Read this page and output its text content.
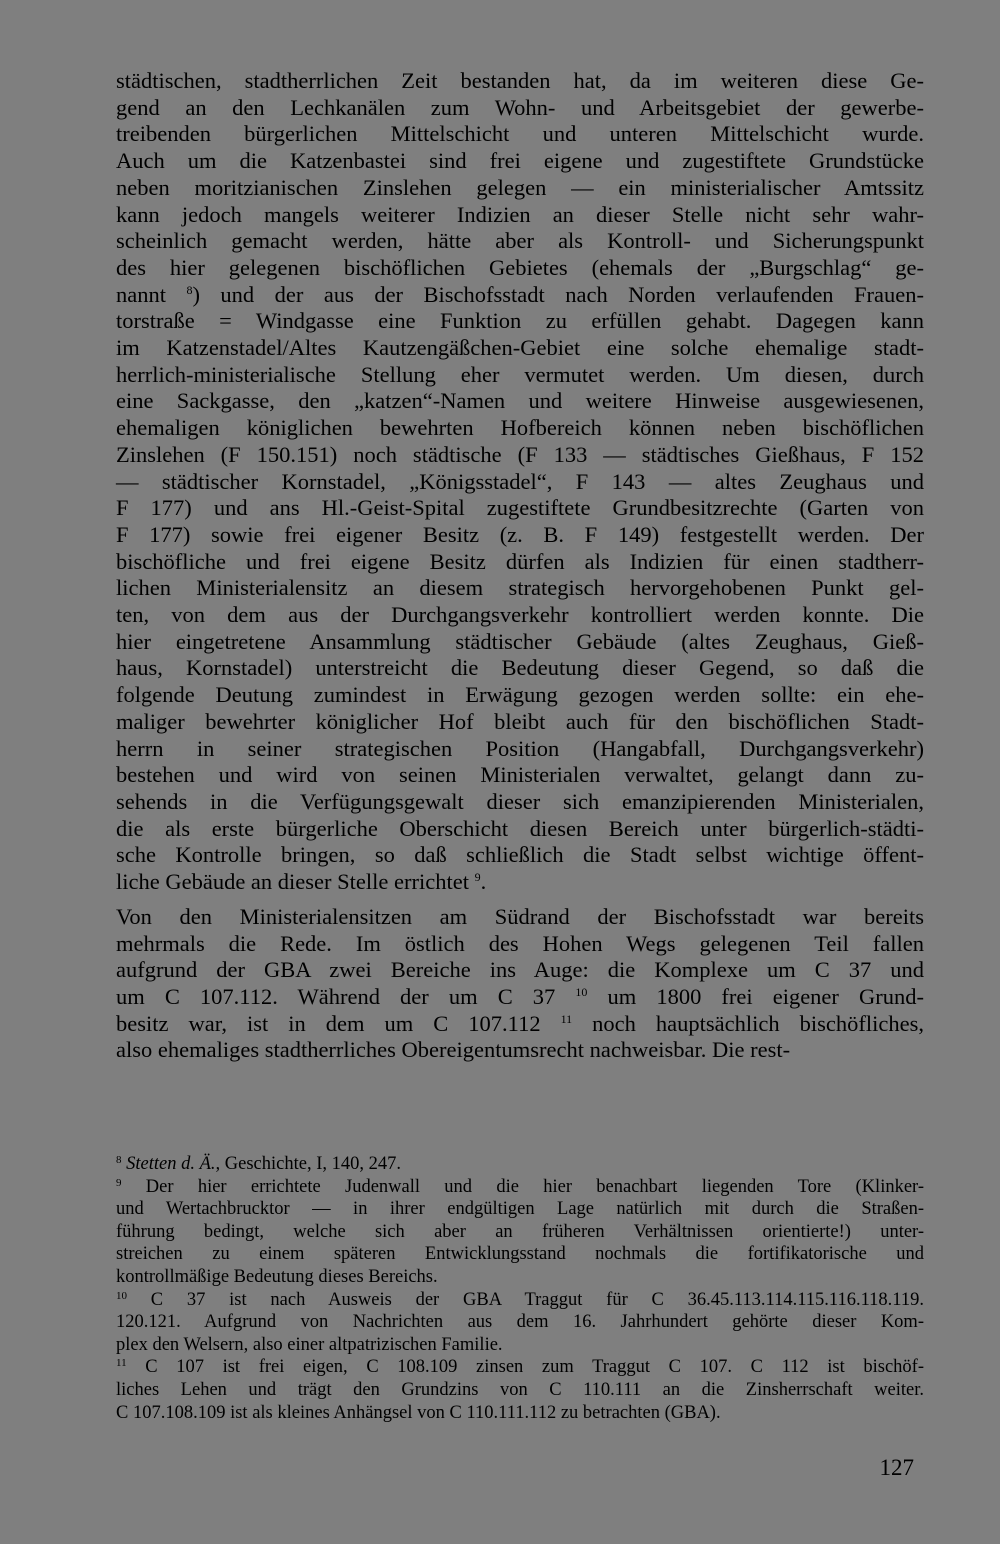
städtischen, stadtherrlichen Zeit bestanden hat, da im weiteren diese Ge-
gend an den Lechkanälen zum Wohn- und Arbeitsgebiet der gewerbe-
treibenden bürgerlichen Mittelschicht und unteren Mittelschicht wurde.
Auch um die Katzenbastei sind frei eigene und zugestiftete Grundstücke
neben moritzianischen Zinslehen gelegen — ein ministerialischer Amtssitz
kann jedoch mangels weiterer Indizien an dieser Stelle nicht sehr wahr-
scheinlich gemacht werden, hätte aber als Kontroll- und Sicherungspunkt
des hier gelegenen bischöflichen Gebietes (ehemals der „Burgschlag“ ge-
nannt $^8$) und der aus der Bischofsstadt nach Norden verlaufenden Frauen-
torstraße = Windgasse eine Funktion zu erfüllen gehabt. Dagegen kann
im Katzenstadel/Altes Kautzengäßchen-Gebiet eine solche ehemalige stadt-
herrlich-ministerialische Stellung eher vermutet werden. Um diesen, durch
eine Sackgasse, den „katzen“-Namen und weitere Hinweise ausgewiesenen,
ehemaligen königlichen bewehrten Hofbereich können neben bischöflichen
Zinslehen (F 150.151) noch städtische (F 133 — städtisches Gießhaus, F 152
— städtischer Kornstadel, „Königsstadel“, F 143 — altes Zeughaus und
F 177) und ans Hl.-Geist-Spital zugestiftete Grundbesitzrechte (Garten von
F 177) sowie frei eigener Besitz (z. B. F 149) festgestellt werden. Der
bischöfliche und frei eigene Besitz dürfen als Indizien für einen stadtherr-
lichen Ministerialensitz an diesem strategisch hervorgehobenen Punkt gel-
ten, von dem aus der Durchgangsverkehr kontrolliert werden konnte. Die
hier eingetretene Ansammlung städtischer Gebäude (altes Zeughaus, Gieß-
haus, Kornstadel) unterstreicht die Bedeutung dieser Gegend, so daß die
folgende Deutung zumindest in Erwägung gezogen werden sollte: ein ehe-
maliger bewehrter königlicher Hof bleibt auch für den bischöflichen Stadt-
herrn in seiner strategischen Position (Hangabfall, Durchgangsverkehr)
bestehen und wird von seinen Ministerialen verwaltet, gelangt dann zu-
sehends in die Verfügungsgewalt dieser sich emanzipierenden Ministerialen,
die als erste bürgerliche Oberschicht diesen Bereich unter bürgerlich-städti-
sche Kontrolle bringen, so daß schließlich die Stadt selbst wichtige öffent-
liche Gebäude an dieser Stelle errichtet $^9$.

Von den Ministerialensitzen am Südrand der Bischofsstadt war bereits
mehrmals die Rede. Im östlich des Hohen Wegs gelegenen Teil fallen
aufgrund der GBA zwei Bereiche ins Auge: die Komplexe um C 37 und
um C 107.112. Während der um C 37 $^{10}$ um 1800 frei eigener Grund-
besitz war, ist in dem um C 107.112 $^{11}$ noch hauptsächlich bischöfliches,
also ehemaliges stadtherrliches Obereigentumsrecht nachweisbar. Die rest-

$^8$ Stetten d. Ä., Geschichte, I, 140, 247.

$^9$ Der hier errichtete Judenwall und die hier benachbart liegenden Tore (Klinker-
und Wertachbrucktor — in ihrer endgültigen Lage natürlich mit durch die Straßen-
führung bedingt, welche sich aber an früheren Verhältnissen orientierte!) unter-
streichen zu einem späteren Entwicklungsstand nochmals die fortifikatorische und
kontrollmäßige Bedeutung dieses Bereichs.

$^{10}$ C 37 ist nach Ausweis der GBA Traggut für C 36.45.113.114.115.116.118.119.
120.121. Aufgrund von Nachrichten aus dem 16. Jahrhundert gehörte dieser Kom-
plex den Welsern, also einer altpatrizischen Familie.

$^{11}$ C 107 ist frei eigen, C 108.109 zinsen zum Traggut C 107. C 112 ist bischöf-
liches Lehen und trägt den Grundzins von C 110.111 an die Zinsherrschaft weiter.
C 107.108.109 ist als kleines Anhängsel von C 110.111.112 zu betrachten (GBA).

127
